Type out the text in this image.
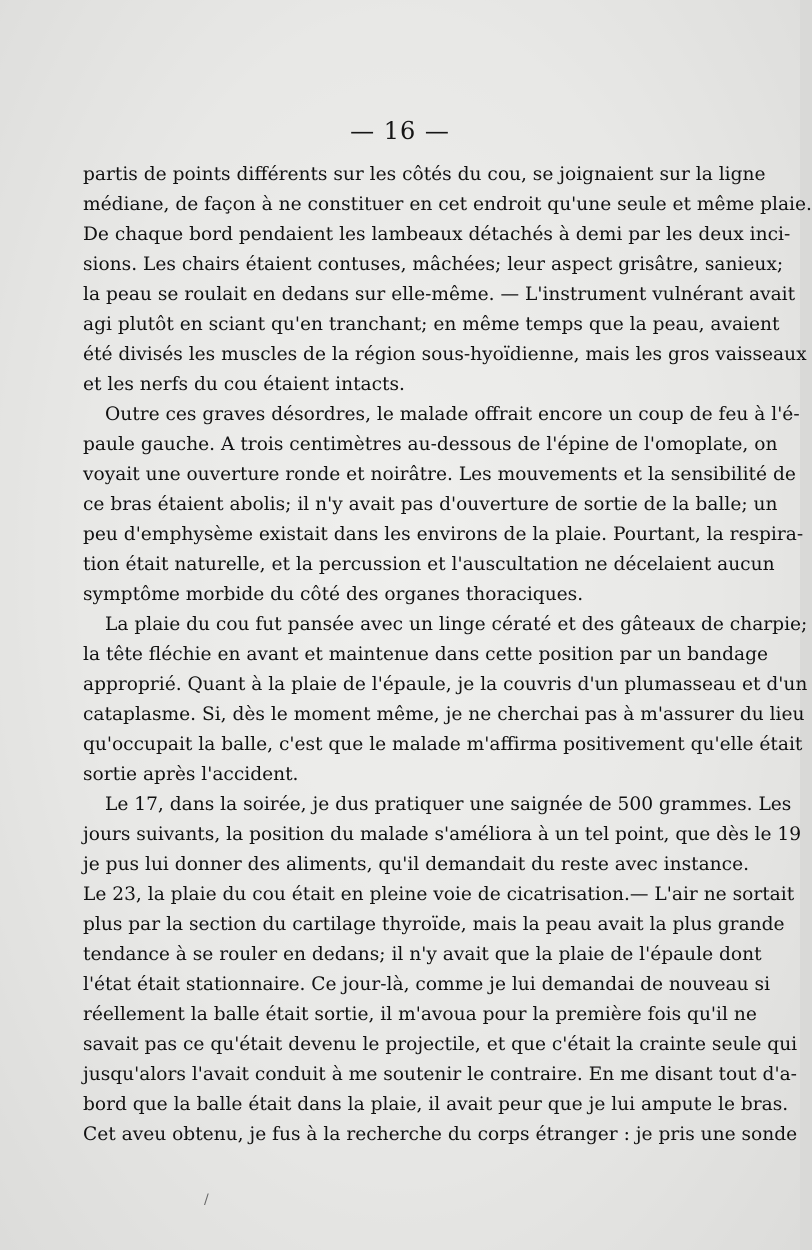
— 16 —
partis de points différents sur les côtés du cou, se joignaient sur la ligne
médiane, de façon à ne constituer en cet endroit qu'une seule et même plaie.
De chaque bord pendaient les lambeaux détachés à demi par les deux inci-
sions. Les chairs étaient contuses, mâchées; leur aspect grisâtre, sanieux;
la peau se roulait en dedans sur elle-même. — L'instrument vulnérant avait
agi plutôt en sciant qu'en tranchant; en même temps que la peau, avaient
été divisés les muscles de la région sous-hyoïdienne, mais les gros vaisseaux
et les nerfs du cou étaient intacts.
Outre ces graves désordres, le malade offrait encore un coup de feu à l'é-
paule gauche. A trois centimètres au-dessous de l'épine de l'omoplate, on
voyait une ouverture ronde et noirâtre. Les mouvements et la sensibilité de
ce bras étaient abolis; il n'y avait pas d'ouverture de sortie de la balle; un
peu d'emphysème existait dans les environs de la plaie. Pourtant, la respira-
tion était naturelle, et la percussion et l'auscultation ne décelaient aucun
symptôme morbide du côté des organes thoraciques.
La plaie du cou fut pansée avec un linge cératé et des gâteaux de charpie;
la tête fléchie en avant et maintenue dans cette position par un bandage
approprié. Quant à la plaie de l'épaule, je la couvris d'un plumasseau et d'un
cataplasme. Si, dès le moment même, je ne cherchai pas à m'assurer du lieu
qu'occupait la balle, c'est que le malade m'affirma positivement qu'elle était
sortie après l'accident.
Le 17, dans la soirée, je dus pratiquer une saignée de 500 grammes. Les
jours suivants, la position du malade s'améliora à un tel point, que dès le 19
je pus lui donner des aliments, qu'il demandait du reste avec instance.
Le 23, la plaie du cou était en pleine voie de cicatrisation.— L'air ne sortait
plus par la section du cartilage thyroïde, mais la peau avait la plus grande
tendance à se rouler en dedans; il n'y avait que la plaie de l'épaule dont
l'état était stationnaire. Ce jour-là, comme je lui demandai de nouveau si
réellement la balle était sortie, il m'avoua pour la première fois qu'il ne
savait pas ce qu'était devenu le projectile, et que c'était la crainte seule qui
jusqu'alors l'avait conduit à me soutenir le contraire. En me disant tout d'a-
bord que la balle était dans la plaie, il avait peur que je lui ampute le bras.
Cet aveu obtenu, je fus à la recherche du corps étranger : je pris une sonde
/
